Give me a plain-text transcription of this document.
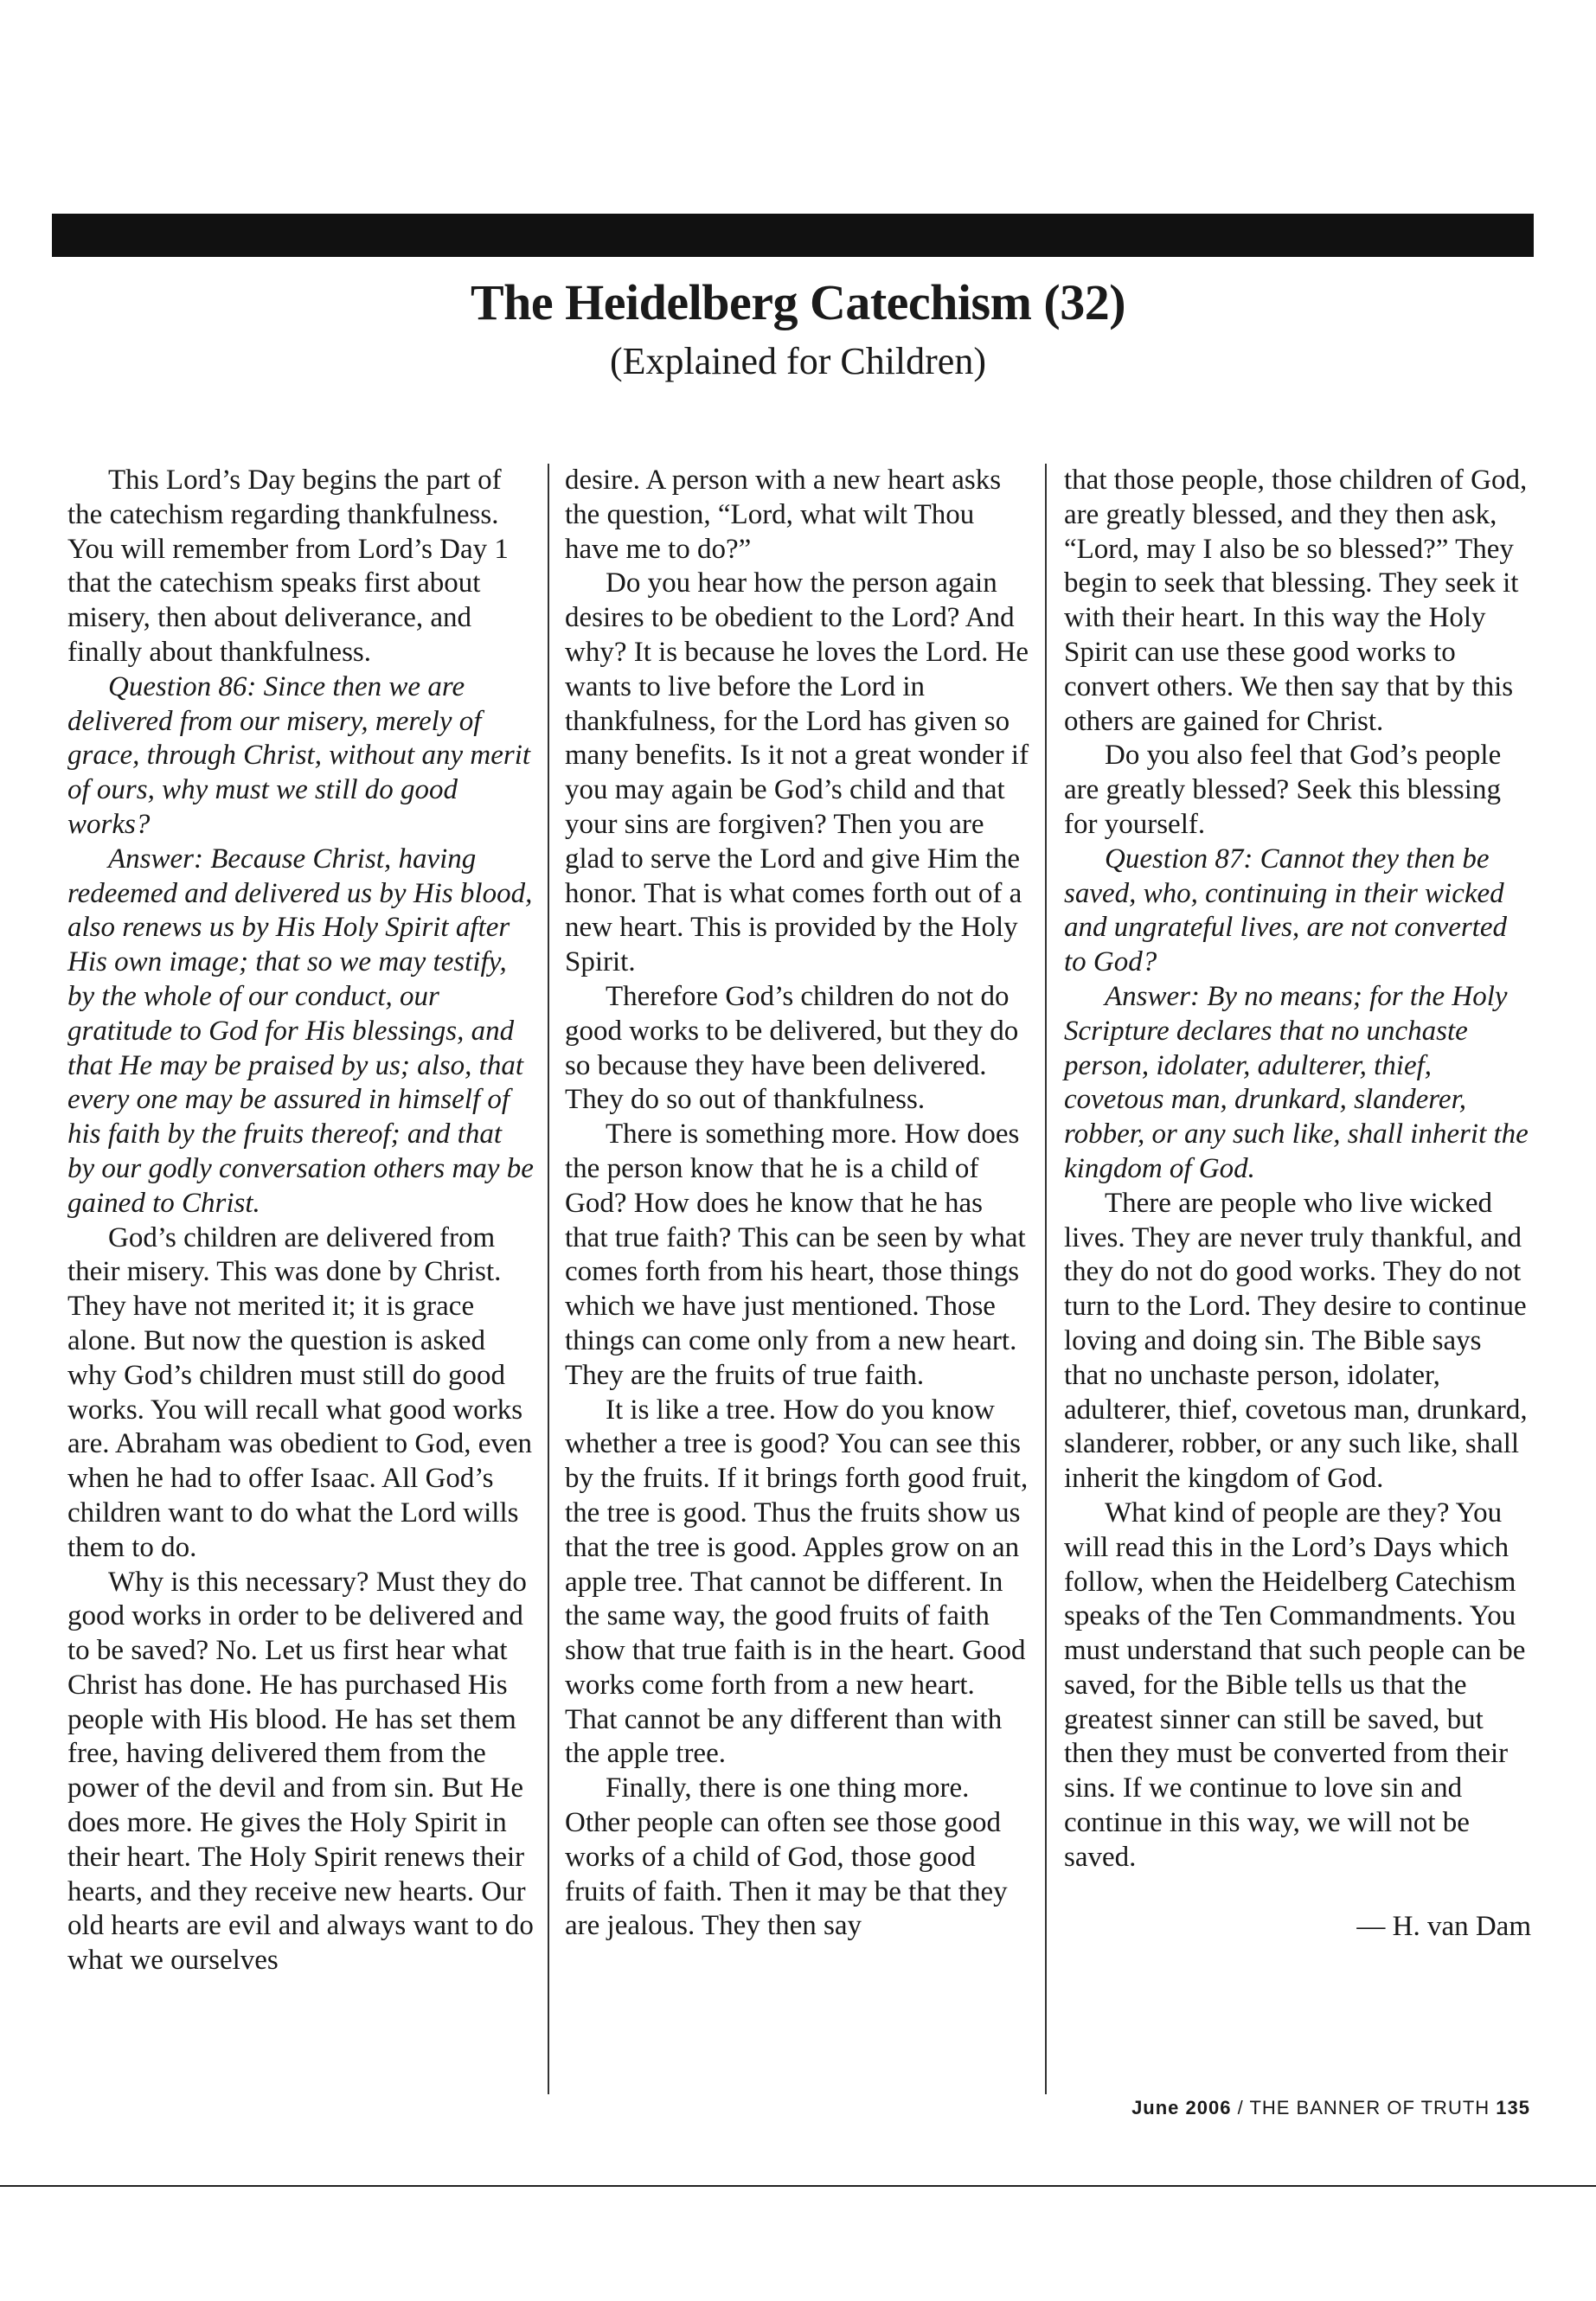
The Heidelberg Catechism (32)
(Explained for Children)

This Lord’s Day begins the part of the catechism regarding thankfulness. You will remember from Lord’s Day 1 that the catechism speaks first about misery, then about deliverance, and finally about thankfulness.

Question 86: Since then we are delivered from our misery, merely of grace, through Christ, without any merit of ours, why must we still do good works?

Answer: Because Christ, having redeemed and delivered us by His blood, also renews us by His Holy Spirit after His own image; that so we may testify, by the whole of our conduct, our gratitude to God for His blessings, and that He may be praised by us; also, that every one may be assured in himself of his faith by the fruits thereof; and that by our godly conversation others may be gained to Christ.

God’s children are delivered from their misery. This was done by Christ. They have not merited it; it is grace alone. But now the question is asked why God’s children must still do good works. You will recall what good works are. Abraham was obedient to God, even when he had to offer Isaac. All God’s children want to do what the Lord wills them to do.

Why is this necessary? Must they do good works in order to be delivered and to be saved? No. Let us first hear what Christ has done. He has purchased His people with His blood. He has set them free, having delivered them from the power of the devil and from sin. But He does more. He gives the Holy Spirit in their heart. The Holy Spirit renews their hearts, and they receive new hearts. Our old hearts are evil and always want to do what we ourselves

desire. A person with a new heart asks the question, “Lord, what wilt Thou have me to do?”

Do you hear how the person again desires to be obedient to the Lord? And why? It is because he loves the Lord. He wants to live before the Lord in thankfulness, for the Lord has given so many benefits. Is it not a great wonder if you may again be God’s child and that your sins are forgiven? Then you are glad to serve the Lord and give Him the honor. That is what comes forth out of a new heart. This is provided by the Holy Spirit.

Therefore God’s children do not do good works to be delivered, but they do so because they have been delivered. They do so out of thankfulness.

There is something more. How does the person know that he is a child of God? How does he know that he has that true faith? This can be seen by what comes forth from his heart, those things which we have just mentioned. Those things can come only from a new heart. They are the fruits of true faith.

It is like a tree. How do you know whether a tree is good? You can see this by the fruits. If it brings forth good fruit, the tree is good. Thus the fruits show us that the tree is good. Apples grow on an apple tree. That cannot be different. In the same way, the good fruits of faith show that true faith is in the heart. Good works come forth from a new heart. That cannot be any different than with the apple tree.

Finally, there is one thing more. Other people can often see those good works of a child of God, those good fruits of faith. Then it may be that they are jealous. They then say

that those people, those children of God, are greatly blessed, and they then ask, “Lord, may I also be so blessed?” They begin to seek that blessing. They seek it with their heart. In this way the Holy Spirit can use these good works to convert others. We then say that by this others are gained for Christ.

Do you also feel that God’s people are greatly blessed? Seek this blessing for yourself.

Question 87: Cannot they then be saved, who, continuing in their wicked and ungrateful lives, are not converted to God?

Answer: By no means; for the Holy Scripture declares that no unchaste person, idolater, adulterer, thief, covetous man, drunkard, slanderer, robber, or any such like, shall inherit the kingdom of God.

There are people who live wicked lives. They are never truly thankful, and they do not do good works. They do not turn to the Lord. They desire to continue loving and doing sin. The Bible says that no unchaste person, idolater, adulterer, thief, covetous man, drunkard, slanderer, robber, or any such like, shall inherit the kingdom of God.

What kind of people are they? You will read this in the Lord’s Days which follow, when the Heidelberg Catechism speaks of the Ten Commandments. You must understand that such people can be saved, for the Bible tells us that the greatest sinner can still be saved, but then they must be converted from their sins. If we continue to love sin and continue in this way, we will not be saved.

— H. van Dam

June 2006 / THE BANNER OF TRUTH 135
